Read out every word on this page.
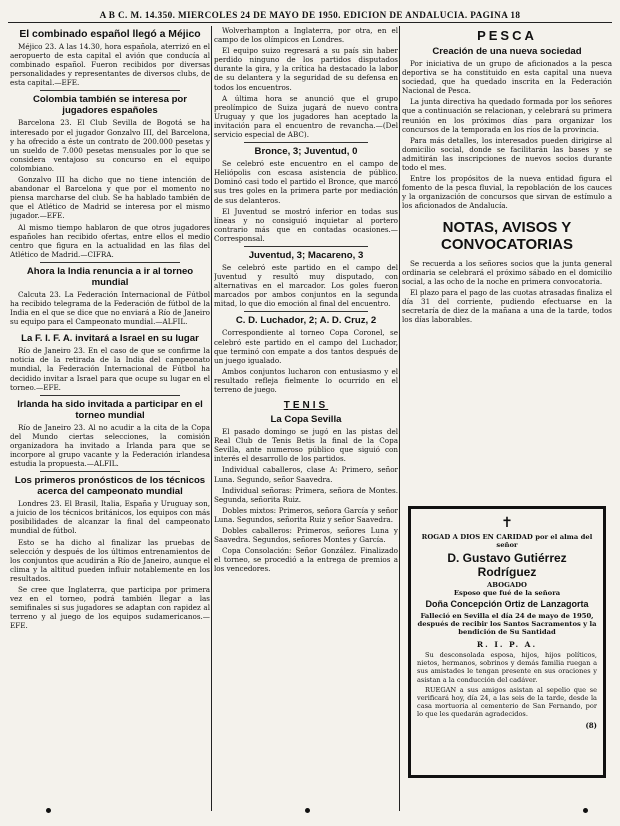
A B C. M. 14.350. MIERCOLES 24 DE MAYO DE 1950. EDICION DE ANDALUCIA. PAGINA 18
El combinado español llegó a Méjico

Méjico 23. A las 14.30, hora española, aterrizó en el aeropuerto de esta capital el avión que conducía al combinado español. Fueron recibidos por diversas personalidades y representantes de diversos clubs, de esta capital.—EFE.

Colombia también se interesa por jugadores españoles

Barcelona 23. El Club Sevilla de Bogotá se ha interesado por el jugador Gonzalvo III, del Barcelona, y ha ofrecido a éste un contrato de 200.000 pesetas y un sueldo de 7.000 pesetas mensuales por lo que se considera ventajoso su concurso en el equipo colombiano.

Gonzalvo III ha dicho que no tiene intención de abandonar el Barcelona y que por el momento no piensa marcharse del club. Se ha hablado también de que el Atlético de Madrid se interesa por el mismo jugador.—EFE.

Al mismo tiempo hablaron de que otros jugadores españoles han recibido ofertas, entre ellos el medio centro que figura en la actualidad en las filas del Atlético de Madrid.—CIFRA.

Ahora la India renuncia a ir al torneo mundial

Calcuta 23. La Federación Internacional de Fútbol ha recibido telegrama de la Federación de fútbol de la India en el que se dice que no enviará a Río de Janeiro su equipo para el Campeonato mundial.—ALFIL.

La F. I. F. A. invitará a Israel en su lugar

Río de Janeiro 23. En el caso de que se confirme la noticia de la retirada de la India del campeonato mundial, la Federación Internacional de Fútbol ha decidido invitar a Israel para que ocupe su lugar en el torneo.—EFE.

Irlanda ha sido invitada a participar en el torneo mundial

Río de Janeiro 23. Al no acudir a la cita de la Copa del Mundo ciertas selecciones, la comisión organizadora ha invitado a Irlanda para que se incorpore al grupo vacante y la Federación irlandesa estudia la propuesta.—ALFIL.

Los primeros pronósticos de los técnicos acerca del campeonato mundial

Londres 23. El Brasil, Italia, España y Uruguay son, a juicio de los técnicos británicos, los equipos con más posibilidades de alcanzar la final del campeonato mundial de fútbol.

Esto se ha dicho al finalizar las pruebas de selección y después de los últimos entrenamientos de los conjuntos que acudirán a Río de Janeiro, aunque el clima y la altitud pueden influir notablemente en los resultados.

Se cree que Inglaterra, que participa por primera vez en el torneo, podrá también llegar a las semifinales si sus jugadores se adaptan con rapidez al terreno y al juego de los equipos sudamericanos.—EFE.

Wolverhampton a Inglaterra, por otra, en el campo de los olímpicos en Londres.

El equipo suizo regresará a su país sin haber perdido ninguno de los partidos disputados durante la gira, y la crítica ha destacado la labor de su delantera y la seguridad de su defensa en todos los encuentros.

A última hora se anunció que el grupo preolímpico de Suiza jugará de nuevo contra Uruguay y que los jugadores han aceptado la invitación para el encuentro de revancha.—(Del servicio especial de ABC).

Bronce, 3; Juventud, 0

Se celebró este encuentro en el campo de Heliópolis con escasa asistencia de público. Dominó casi todo el partido el Bronce, que marcó sus tres goles en la primera parte por mediación de sus delanteros.

El Juventud se mostró inferior en todas sus líneas y no consiguió inquietar al portero contrario más que en contadas ocasiones.—Corresponsal.

Juventud, 3; Macareno, 3

Se celebró este partido en el campo del Juventud y resultó muy disputado, con alternativas en el marcador. Los goles fueron marcados por ambos conjuntos en la segunda mitad, lo que dio emoción al final del encuentro.

C. D. Luchador, 2; A. D. Cruz, 2

Correspondiente al torneo Copa Coronel, se celebró este partido en el campo del Luchador, que terminó con empate a dos tantos después de un juego igualado.

Ambos conjuntos lucharon con entusiasmo y el resultado refleja fielmente lo ocurrido en el terreno de juego.

TENIS
La Copa Sevilla

El pasado domingo se jugó en las pistas del Real Club de Tenis Betis la final de la Copa Sevilla, ante numeroso público que siguió con interés el desarrollo de los partidos.

Individual caballeros, clase A: Primero, señor Luna. Segundo, señor Saavedra.

Individual señoras: Primera, señora de Montes. Segunda, señorita Ruiz.

Dobles mixtos: Primeros, señora García y señor Luna. Segundos, señorita Ruiz y señor Saavedra.

Dobles caballeros: Primeros, señores Luna y Saavedra. Segundos, señores Montes y García.

Copa Consolación: Señor González. Finalizado el torneo, se procedió a la entrega de premios a los vencedores.

PESCA
Creación de una nueva sociedad

Por iniciativa de un grupo de aficionados a la pesca deportiva se ha constituido en esta capital una nueva sociedad, que ha quedado inscrita en la Federación Nacional de Pesca.

La junta directiva ha quedado formada por los señores que a continuación se relacionan, y celebrará su primera reunión en los próximos días para organizar los concursos de la temporada en los ríos de la provincia.

Para más detalles, los interesados pueden dirigirse al domicilio social, donde se facilitarán las bases y se admitirán las inscripciones de nuevos socios durante todo el mes.

Entre los propósitos de la nueva entidad figura el fomento de la pesca fluvial, la repoblación de los cauces y la organización de concursos que sirvan de estímulo a los aficionados de Andalucía.

NOTAS, AVISOS Y CONVOCATORIAS

Se recuerda a los señores socios que la junta general ordinaria se celebrará el próximo sábado en el domicilio social, a las ocho de la noche en primera convocatoria.

El plazo para el pago de las cuotas atrasadas finaliza el día 31 del corriente, pudiendo efectuarse en la secretaría de diez de la mañana a una de la tarde, todos los días laborables.

✝
ROGAD A DIOS EN CARIDAD por el alma del señor
D. Gustavo Gutiérrez Rodríguez
ABOGADO
Esposo que fué de la señora
Doña Concepción Ortiz de Lanzagorta
Falleció en Sevilla el día 24 de mayo de 1950, después de recibir los Santos Sacramentos y la bendición de Su Santidad
R. I. P. A.

Su desconsolada esposa, hijos, hijos políticos, nietos, hermanos, sobrinos y demás familia ruegan a sus amistades le tengan presente en sus oraciones y asistan a la conducción del cadáver.

RUEGAN a sus amigos asistan al sepelio que se verificará hoy, día 24, a las seis de la tarde, desde la casa mortuoria al cementerio de San Fernando, por lo que les quedarán agradecidos.

(8)
